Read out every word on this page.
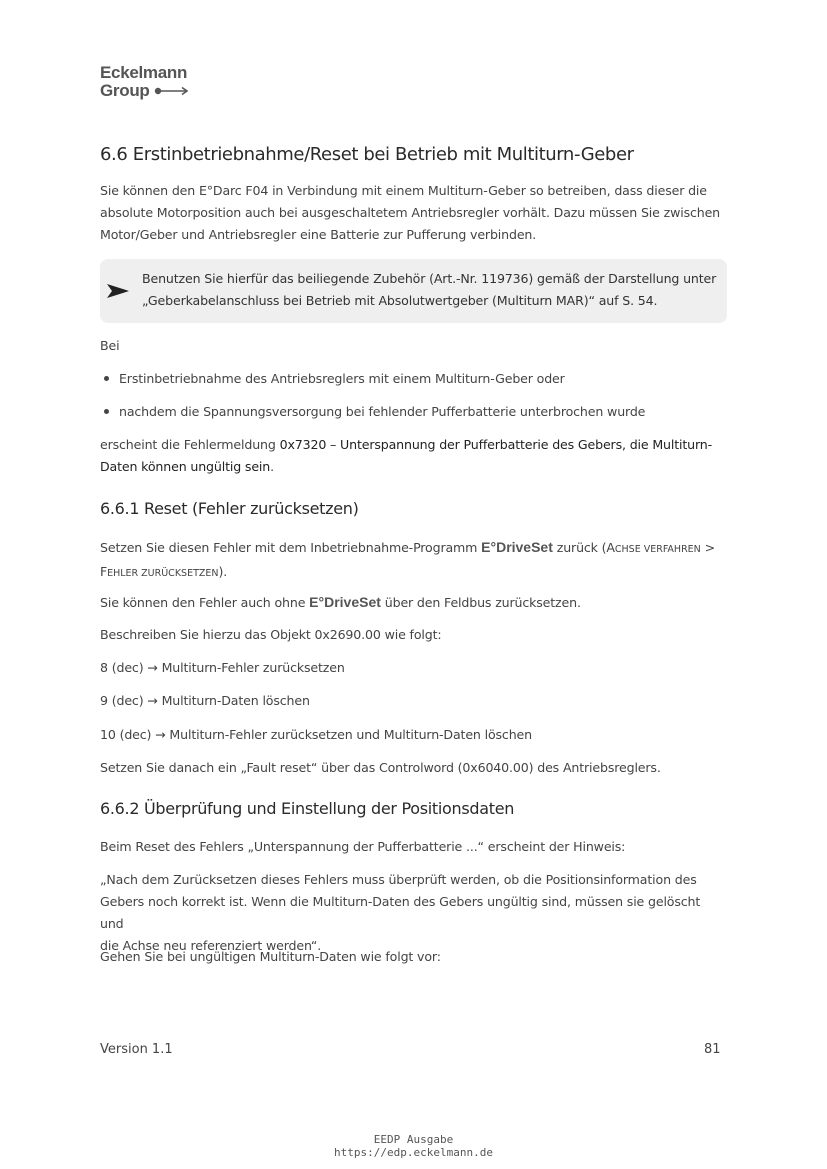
Eckelmann
Group
6.6 Erstinbetriebnahme/Reset bei Betrieb mit Multiturn-Geber
Sie können den E°Darc F04 in Verbindung mit einem Multiturn-Geber so betreiben, dass dieser die
absolute Motorposition auch bei ausgeschaltetem Antriebsregler vorhält. Dazu müssen Sie zwischen
Motor/Geber und Antriebsregler eine Batterie zur Pufferung verbinden.
Benutzen Sie hierfür das beiliegende Zubehör (Art.-Nr. 119736) gemäß der Darstellung unter
„Geberkabelanschluss bei Betrieb mit Absolutwertgeber (Multiturn MAR)“ auf S. 54.
Bei
Erstinbetriebnahme des Antriebsreglers mit einem Multiturn-Geber oder
nachdem die Spannungsversorgung bei fehlender Pufferbatterie unterbrochen wurde
erscheint die Fehlermeldung 0x7320 – Unterspannung der Pufferbatterie des Gebers, die Multiturn-
Daten können ungültig sein.
6.6.1 Reset (Fehler zurücksetzen)
Setzen Sie diesen Fehler mit dem Inbetriebnahme-Programm E°DriveSet zurück (ACHSE VERFAHREN >
FEHLER ZURÜCKSETZEN).
Sie können den Fehler auch ohne E°DriveSet über den Feldbus zurücksetzen.
Beschreiben Sie hierzu das Objekt 0x2690.00 wie folgt:
8 (dec) → Multiturn-Fehler zurücksetzen
9 (dec) → Multiturn-Daten löschen
10 (dec) → Multiturn-Fehler zurücksetzen und Multiturn-Daten löschen
Setzen Sie danach ein „Fault reset“ über das Controlword (0x6040.00) des Antriebsreglers.
6.6.2 Überprüfung und Einstellung der Positionsdaten
Beim Reset des Fehlers „Unterspannung der Pufferbatterie ...“ erscheint der Hinweis:
„Nach dem Zurücksetzen dieses Fehlers muss überprüft werden, ob die Positionsinformation des
Gebers noch korrekt ist. Wenn die Multiturn-Daten des Gebers ungültig sind, müssen sie gelöscht und
die Achse neu referenziert werden“.
Gehen Sie bei ungültigen Multiturn-Daten wie folgt vor:
Version 1.1	81
EEDP Ausgabe
https://edp.eckelmann.de
